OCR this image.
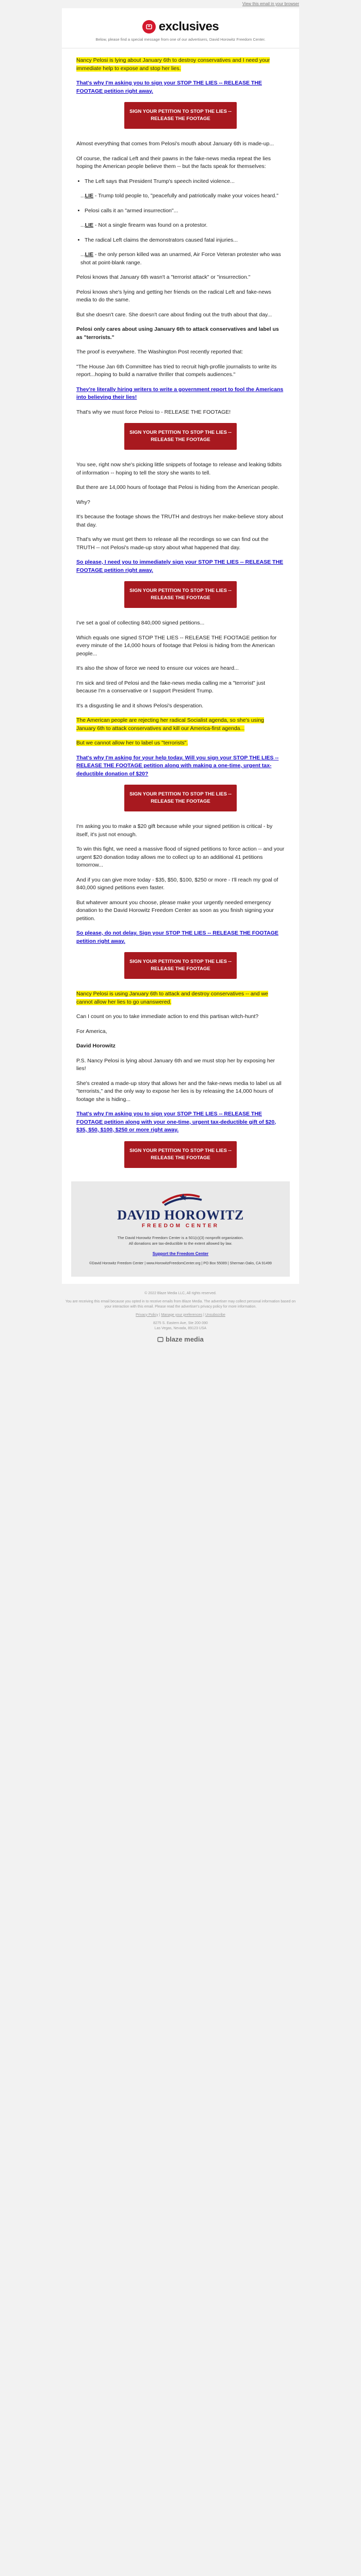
View this email in your browser
exclusives
Below, please find a special message from one of our advertisers, David Horowitz Freedom Center.

Nancy Pelosi is lying about January 6th to destroy conservatives and I need your immediate help to expose and stop her lies.

That's why I'm asking you to sign your STOP THE LIES -- RELEASE THE FOOTAGE petition right away.

SIGN YOUR PETITION TO STOP THE LIES -- RELEASE THE FOOTAGE

Almost everything that comes from Pelosi's mouth about January 6th is made-up...

Of course, the radical Left and their pawns in the fake-news media repeat the lies hoping the American people believe them -- but the facts speak for themselves:

• The Left says that President Trump's speech incited violence...

...LIE - Trump told people to, "peacefully and patriotically make your voices heard."

• Pelosi calls it an "armed insurrection"...

...LIE - Not a single firearm was found on a protestor.

• The radical Left claims the demonstrators caused fatal injuries...

...LIE - the only person killed was an unarmed, Air Force Veteran protester who was shot at point-blank range.

Pelosi knows that January 6th wasn't a "terrorist attack" or "insurrection."

Pelosi knows she's lying and getting her friends on the radical Left and fake-news media to do the same.

But she doesn't care. She doesn't care about finding out the truth about that day...

Pelosi only cares about using January 6th to attack conservatives and label us as "terrorists."

The proof is everywhere. The Washington Post recently reported that:

"The House Jan 6th Committee has tried to recruit high-profile journalists to write its report...hoping to build a narrative thriller that compels audiences."

They're literally hiring writers to write a government report to fool the Americans into believing their lies!

That's why we must force Pelosi to - RELEASE THE FOOTAGE!

SIGN YOUR PETITION TO STOP THE LIES -- RELEASE THE FOOTAGE

You see, right now she's picking little snippets of footage to release and leaking tidbits of information -- hoping to tell the story she wants to tell.

But there are 14,000 hours of footage that Pelosi is hiding from the American people.

Why?

It's because the footage shows the TRUTH and destroys her make-believe story about that day.

That's why we must get them to release all the recordings so we can find out the TRUTH -- not Pelosi's made-up story about what happened that day.

So please, I need you to immediately sign your STOP THE LIES -- RELEASE THE FOOTAGE petition right away.

SIGN YOUR PETITION TO STOP THE LIES -- RELEASE THE FOOTAGE

I've set a goal of collecting 840,000 signed petitions...

Which equals one signed STOP THE LIES -- RELEASE THE FOOTAGE petition for every minute of the 14,000 hours of footage that Pelosi is hiding from the American people...

It's also the show of force we need to ensure our voices are heard...

I'm sick and tired of Pelosi and the fake-news media calling me a "terrorist" just because I'm a conservative or I support President Trump.

It's a disgusting lie and it shows Pelosi's desperation.

The American people are rejecting her radical Socialist agenda, so she's using January 6th to attack conservatives and kill our America-first agenda...

But we cannot allow her to label us "terrorists".

That's why I'm asking for your help today. Will you sign your STOP THE LIES -- RELEASE THE FOOTAGE petition along with making a one-time, urgent tax-deductible donation of $20?

SIGN YOUR PETITION TO STOP THE LIES -- RELEASE THE FOOTAGE

I'm asking you to make a $20 gift because while your signed petition is critical - by itself, it's just not enough.

To win this fight, we need a massive flood of signed petitions to force action -- and your urgent $20 donation today allows me to collect up to an additional 41 petitions tomorrow...

And if you can give more today - $35, $50, $100, $250 or more - I'll reach my goal of 840,000 signed petitions even faster.

But whatever amount you choose, please make your urgently needed emergency donation to the David Horowitz Freedom Center as soon as you finish signing your petition.

So please, do not delay. Sign your STOP THE LIES -- RELEASE THE FOOTAGE petition right away.

SIGN YOUR PETITION TO STOP THE LIES -- RELEASE THE FOOTAGE

Nancy Pelosi is using January 6th to attack and destroy conservatives -- and we cannot allow her lies to go unanswered.

Can I count on you to take immediate action to end this partisan witch-hunt?

For America,

David Horowitz

P.S. Nancy Pelosi is lying about January 6th and we must stop her by exposing her lies!

She's created a made-up story that allows her and the fake-news media to label us all "terrorists," and the only way to expose her lies is by releasing the 14,000 hours of footage she is hiding...

That's why I'm asking you to sign your STOP THE LIES -- RELEASE THE FOOTAGE petition along with your one-time, urgent tax-deductible gift of $20, $35, $50, $100, $250 or more right away.

SIGN YOUR PETITION TO STOP THE LIES -- RELEASE THE FOOTAGE
DAVID HOROWITZ
FREEDOM CENTER
The David Horowitz Freedom Center is a 501(c)(3) nonprofit organization.
All donations are tax-deductible to the extent allowed by law.
Support the Freedom Center
©David Horowitz Freedom Center | www.HorowitzFreedomCenter.org | PO Box 55089 | Sherman Oaks, CA 91499
© 2022 Blaze Media LLC, All rights reserved.
You are receiving this email because you opted in to receive emails from Blaze Media. The advertiser may collect personal information based on your interaction with this email. Please read the advertiser's privacy policy for more information.
Privacy Policy | Manage your preferences | Unsubscribe
8275 S. Eastern Ave, Ste 200-390
Las Vegas, Nevada, 89123 USA
blaze media
